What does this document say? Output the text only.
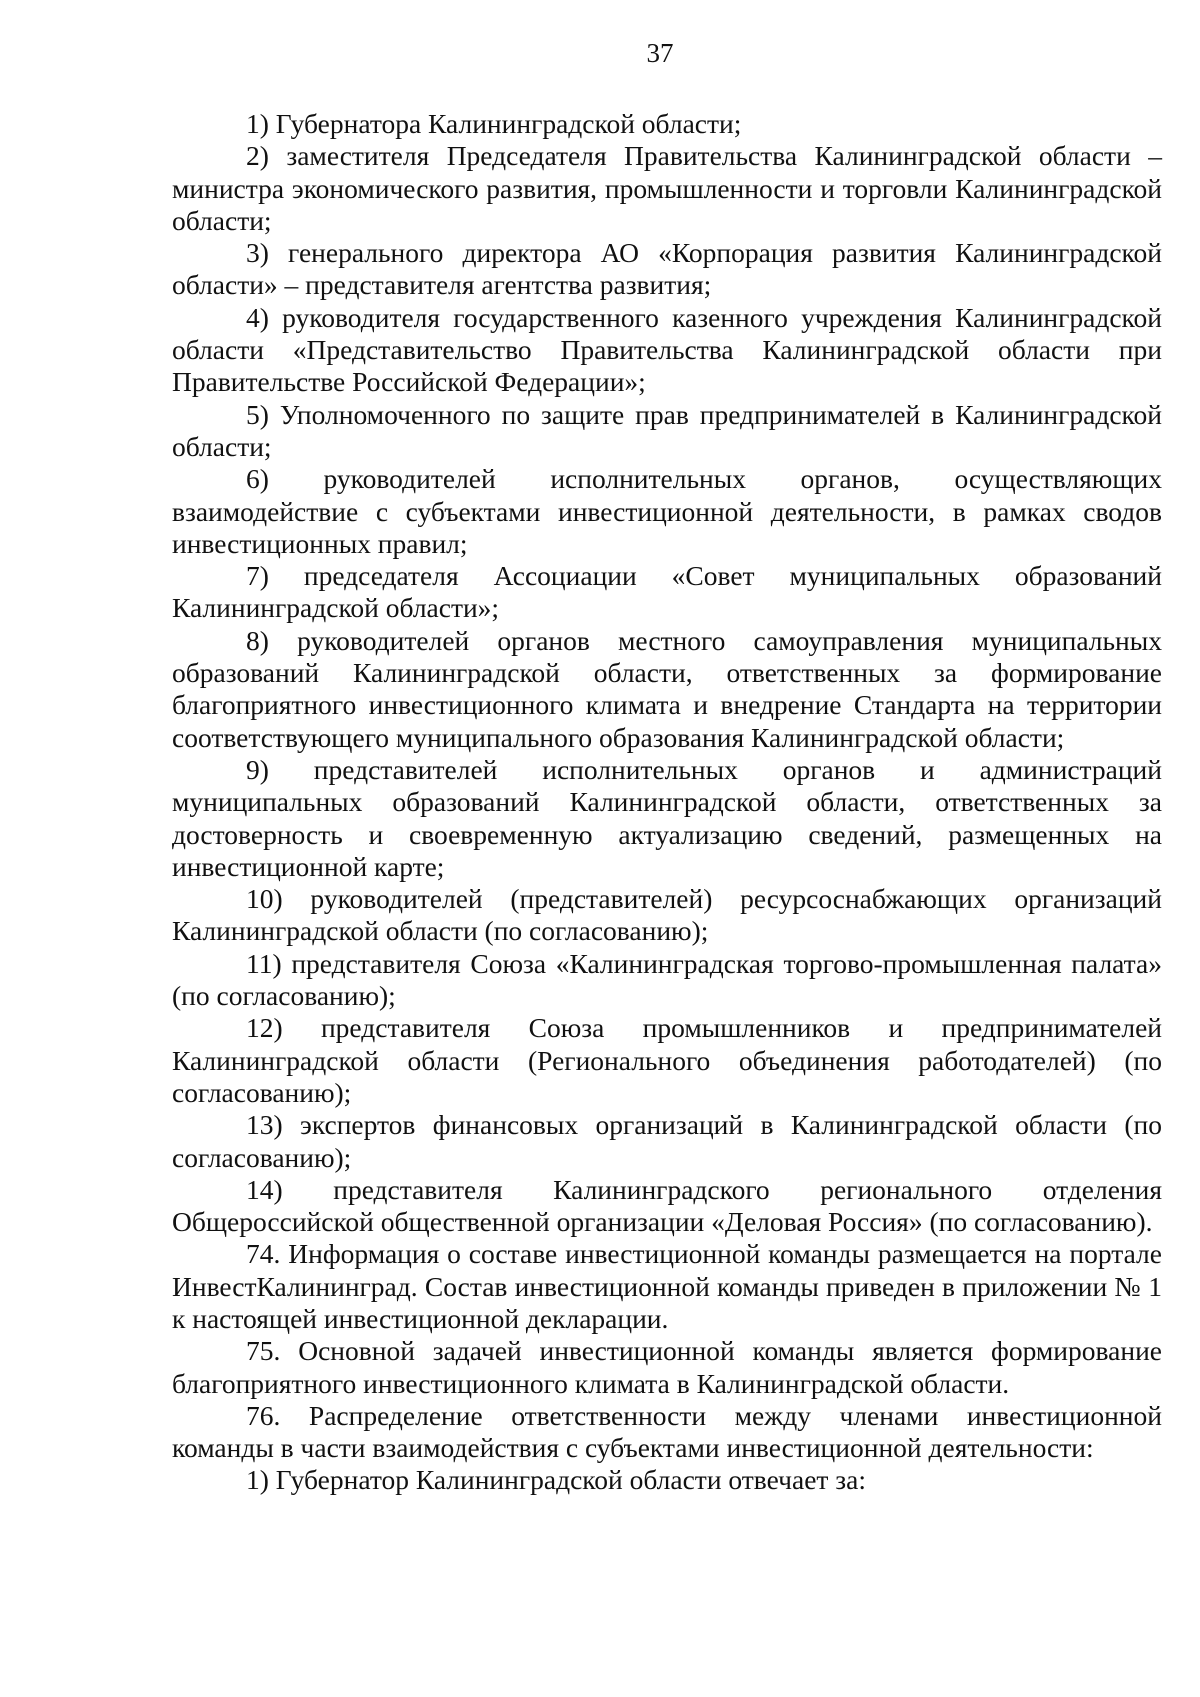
37

1) Губернатора Калининградской области;

2) заместителя Председателя Правительства Калининградской области – министра экономического развития, промышленности и торговли Калининградской области;

3) генерального директора АО «Корпорация развития Калининградской области» – представителя агентства развития;

4) руководителя государственного казенного учреждения Калининградской области «Представительство Правительства Калининградской области при Правительстве Российской Федерации»;

5) Уполномоченного по защите прав предпринимателей в Калининградской области;

6) руководителей исполнительных органов, осуществляющих взаимодействие с субъектами инвестиционной деятельности, в рамках сводов инвестиционных правил;

7) председателя Ассоциации «Совет муниципальных образований Калининградской области»;

8) руководителей органов местного самоуправления муниципальных образований Калининградской области, ответственных за формирование благоприятного инвестиционного климата и внедрение Стандарта на территории соответствующего муниципального образования Калининградской области;

9) представителей исполнительных органов и администраций муниципальных образований Калининградской области, ответственных за достоверность и своевременную актуализацию сведений, размещенных на инвестиционной карте;

10) руководителей (представителей) ресурсоснабжающих организаций Калининградской области (по согласованию);

11) представителя Союза «Калининградская торгово-промышленная палата» (по согласованию);

12) представителя Союза промышленников и предпринимателей Калининградской области (Регионального объединения работодателей) (по согласованию);

13) экспертов финансовых организаций в Калининградской области (по согласованию);

14) представителя Калининградского регионального отделения Общероссийской общественной организации «Деловая Россия» (по согласованию).

74. Информация о составе инвестиционной команды размещается на портале ИнвестКалининград. Состав инвестиционной команды приведен в приложении № 1 к настоящей инвестиционной декларации.

75. Основной задачей инвестиционной команды является формирование благоприятного инвестиционного климата в Калининградской области.

76. Распределение ответственности между членами инвестиционной команды в части взаимодействия с субъектами инвестиционной деятельности:

1) Губернатор Калининградской области отвечает за:
